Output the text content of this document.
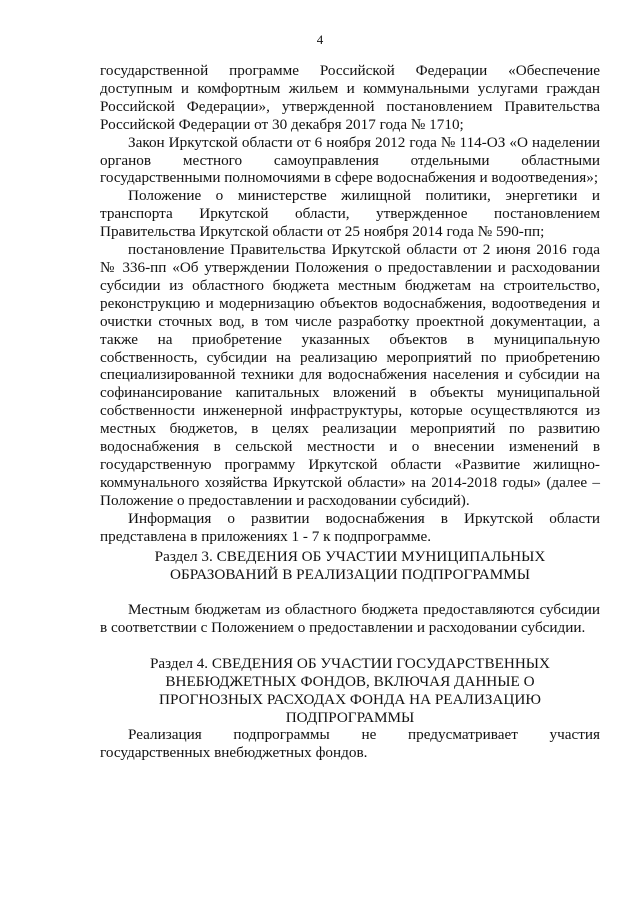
4

государственной программе Российской Федерации «Обеспечение доступным и комфортным жильем и коммунальными услугами граждан Российской Федерации», утвержденной постановлением Правительства Российской Федерации от 30 декабря 2017 года № 1710;

Закон Иркутской области от 6 ноября 2012 года № 114-ОЗ «О наделении органов местного самоуправления отдельными областными государственными полномочиями в сфере водоснабжения и водоотведения»;

Положение о министерстве жилищной политики, энергетики и транспорта Иркутской области, утвержденное постановлением Правительства Иркутской области от 25 ноября 2014 года № 590-пп;

постановление Правительства Иркутской области от 2 июня 2016 года № 336-пп «Об утверждении Положения о предоставлении и расходовании субсидии из областного бюджета местным бюджетам на строительство, реконструкцию и модернизацию объектов водоснабжения, водоотведения и очистки сточных вод, в том числе разработку проектной документации, а также на приобретение указанных объектов в муниципальную собственность, субсидии на реализацию мероприятий по приобретению специализированной техники для водоснабжения населения и субсидии на софинансирование капитальных вложений в объекты муниципальной собственности инженерной инфраструктуры, которые осуществляются из местных бюджетов, в целях реализации мероприятий по развитию водоснабжения в сельской местности и о внесении изменений в государственную программу Иркутской области «Развитие жилищно-коммунального хозяйства Иркутской области» на 2014-2018 годы» (далее – Положение о предоставлении и расходовании субсидий).

Информация о развитии водоснабжения в Иркутской области представлена в приложениях 1 - 7 к подпрограмме.

Раздел 3. СВЕДЕНИЯ ОБ УЧАСТИИ МУНИЦИПАЛЬНЫХ ОБРАЗОВАНИЙ В РЕАЛИЗАЦИИ ПОДПРОГРАММЫ

Местным бюджетам из областного бюджета предоставляются субсидии в соответствии с Положением о предоставлении и расходовании субсидии.

Раздел 4. СВЕДЕНИЯ ОБ УЧАСТИИ ГОСУДАРСТВЕННЫХ ВНЕБЮДЖЕТНЫХ ФОНДОВ, ВКЛЮЧАЯ ДАННЫЕ О ПРОГНОЗНЫХ РАСХОДАХ ФОНДА НА РЕАЛИЗАЦИЮ ПОДПРОГРАММЫ

Реализация подпрограммы не предусматривает участия государственных внебюджетных фондов.
